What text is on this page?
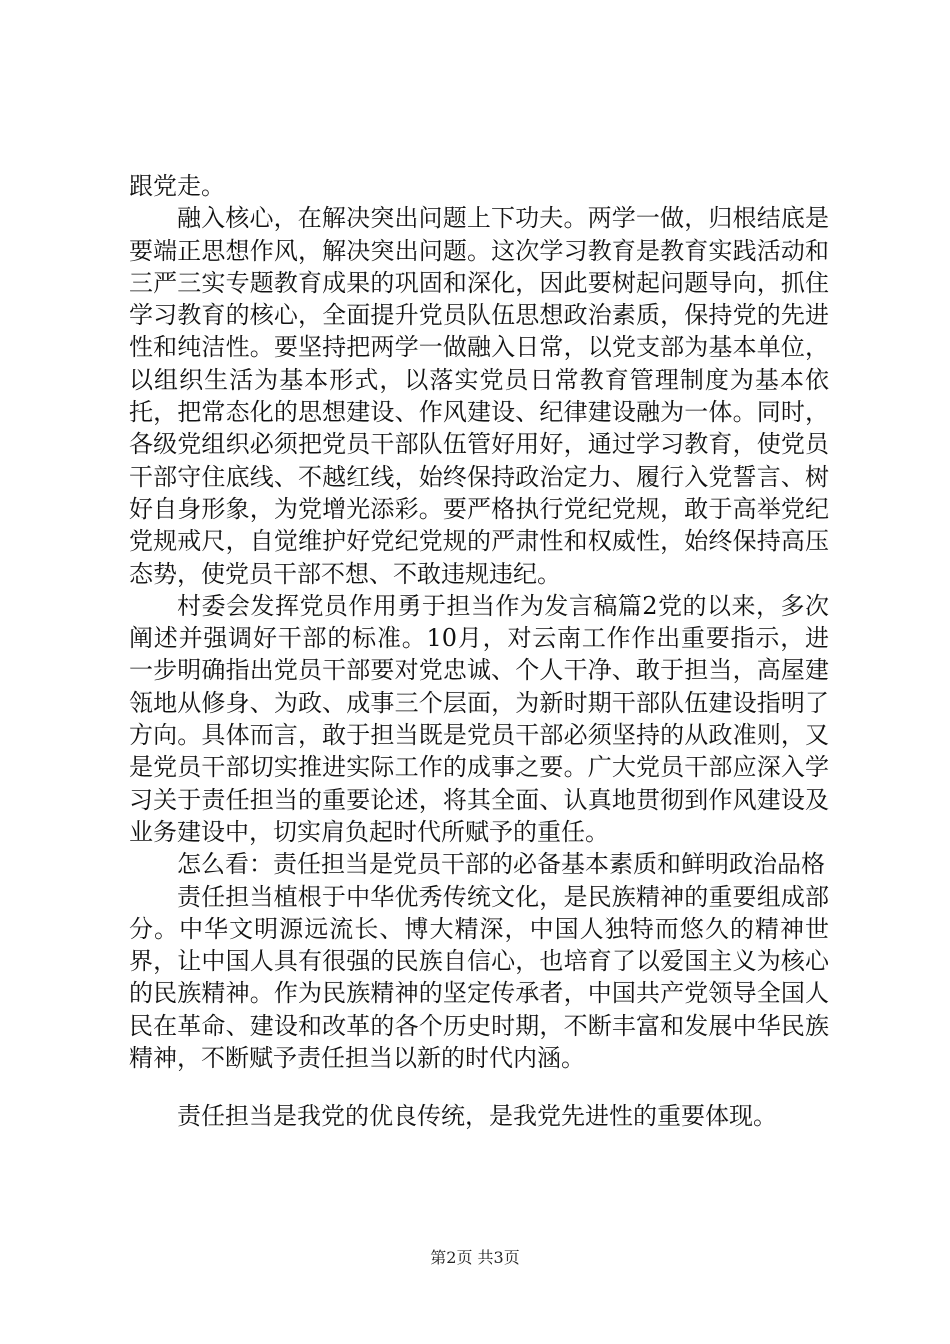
跟党走。

融入核心，在解决突出问题上下功夫。两学一做，归根结底是要端正思想作风，解决突出问题。这次学习教育是教育实践活动和三严三实专题教育成果的巩固和深化，因此要树起问题导向，抓住学习教育的核心，全面提升党员队伍思想政治素质，保持党的先进性和纯洁性。要坚持把两学一做融入日常，以党支部为基本单位，以组织生活为基本形式，以落实党员日常教育管理制度为基本依托，把常态化的思想建设、作风建设、纪律建设融为一体。同时，各级党组织必须把党员干部队伍管好用好，通过学习教育，使党员干部守住底线、不越红线，始终保持政治定力、履行入党誓言、树好自身形象，为党增光添彩。要严格执行党纪党规，敢于高举党纪党规戒尺，自觉维护好党纪党规的严肃性和权威性，始终保持高压态势，使党员干部不想、不敢违规违纪。

村委会发挥党员作用勇于担当作为发言稿篇2党的以来，多次阐述并强调好干部的标准。10月，对云南工作作出重要指示，进一步明确指出党员干部要对党忠诚、个人干净、敢于担当，高屋建瓴地从修身、为政、成事三个层面，为新时期干部队伍建设指明了方向。具体而言，敢于担当既是党员干部必须坚持的从政准则，又是党员干部切实推进实际工作的成事之要。广大党员干部应深入学习关于责任担当的重要论述，将其全面、认真地贯彻到作风建设及业务建设中，切实肩负起时代所赋予的重任。

怎么看：责任担当是党员干部的必备基本素质和鲜明政治品格

责任担当植根于中华优秀传统文化，是民族精神的重要组成部分。中华文明源远流长、博大精深，中国人独特而悠久的精神世界，让中国人具有很强的民族自信心，也培育了以爱国主义为核心的民族精神。作为民族精神的坚定传承者，中国共产党领导全国人民在革命、建设和改革的各个历史时期，不断丰富和发展中华民族精神，不断赋予责任担当以新的时代内涵。

责任担当是我党的优良传统，是我党先进性的重要体现。

第2页 共3页
